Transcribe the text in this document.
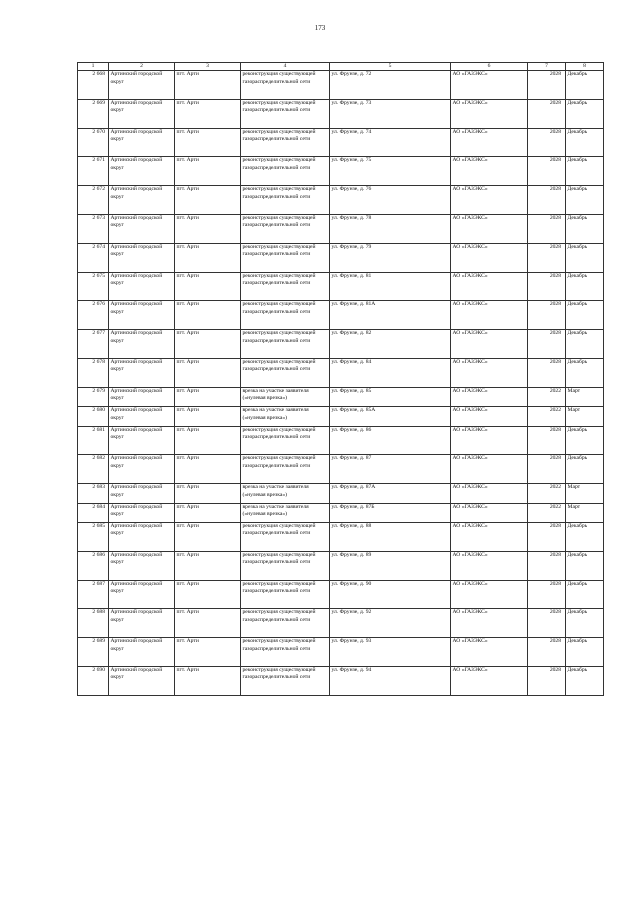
173
1	2	3	4	5	6	7	8
2 668	Артинский городской округ	пгт. Арти	реконструкция существующей газораспределительной сети	ул. Фрунзе, д. 72	АО «ГАЗЭКС»	2028	Декабрь
2 669	Артинский городской округ	пгт. Арти	реконструкция существующей газораспределительной сети	ул. Фрунзе, д. 73	АО «ГАЗЭКС»	2028	Декабрь
2 670	Артинский городской округ	пгт. Арти	реконструкция существующей газораспределительной сети	ул. Фрунзе, д. 74	АО «ГАЗЭКС»	2028	Декабрь
2 671	Артинский городской округ	пгт. Арти	реконструкция существующей газораспределительной сети	ул. Фрунзе, д. 75	АО «ГАЗЭКС»	2028	Декабрь
2 672	Артинский городской округ	пгт. Арти	реконструкция существующей газораспределительной сети	ул. Фрунзе, д. 76	АО «ГАЗЭКС»	2028	Декабрь
2 673	Артинский городской округ	пгт. Арти	реконструкция существующей газораспределительной сети	ул. Фрунзе, д. 78	АО «ГАЗЭКС»	2028	Декабрь
2 674	Артинский городской округ	пгт. Арти	реконструкция существующей газораспределительной сети	ул. Фрунзе, д. 79	АО «ГАЗЭКС»	2028	Декабрь
2 675	Артинский городской округ	пгт. Арти	реконструкция существующей газораспределительной сети	ул. Фрунзе, д. 81	АО «ГАЗЭКС»	2028	Декабрь
2 676	Артинский городской округ	пгт. Арти	реконструкция существующей газораспределительной сети	ул. Фрунзе, д. 81А	АО «ГАЗЭКС»	2028	Декабрь
2 677	Артинский городской округ	пгт. Арти	реконструкция существующей газораспределительной сети	ул. Фрунзе, д. 82	АО «ГАЗЭКС»	2028	Декабрь
2 678	Артинский городской округ	пгт. Арти	реконструкция существующей газораспределительной сети	ул. Фрунзе, д. 84	АО «ГАЗЭКС»	2028	Декабрь
2 679	Артинский городской округ	пгт. Арти	врезка на участке заявителя («нулевая врезка»)	ул. Фрунзе, д. 85	АО «ГАЗЭКС»	2022	Март
2 680	Артинский городской округ	пгт. Арти	врезка на участке заявителя («нулевая врезка»)	ул. Фрунзе, д. 85А	АО «ГАЗЭКС»	2022	Март
2 681	Артинский городской округ	пгт. Арти	реконструкция существующей газораспределительной сети	ул. Фрунзе, д. 86	АО «ГАЗЭКС»	2028	Декабрь
2 682	Артинский городской округ	пгт. Арти	реконструкция существующей газораспределительной сети	ул. Фрунзе, д. 87	АО «ГАЗЭКС»	2028	Декабрь
2 683	Артинский городской округ	пгт. Арти	врезка на участке заявителя («нулевая врезка»)	ул. Фрунзе, д. 87А	АО «ГАЗЭКС»	2022	Март
2 684	Артинский городской округ	пгт. Арти	врезка на участке заявителя («нулевая врезка»)	ул. Фрунзе, д. 87Б	АО «ГАЗЭКС»	2022	Март
2 685	Артинский городской округ	пгт. Арти	реконструкция существующей газораспределительной сети	ул. Фрунзе, д. 88	АО «ГАЗЭКС»	2028	Декабрь
2 686	Артинский городской округ	пгт. Арти	реконструкция существующей газораспределительной сети	ул. Фрунзе, д. 89	АО «ГАЗЭКС»	2028	Декабрь
2 687	Артинский городской округ	пгт. Арти	реконструкция существующей газораспределительной сети	ул. Фрунзе, д. 90	АО «ГАЗЭКС»	2028	Декабрь
2 688	Артинский городской округ	пгт. Арти	реконструкция существующей газораспределительной сети	ул. Фрунзе, д. 92	АО «ГАЗЭКС»	2028	Декабрь
2 689	Артинский городской округ	пгт. Арти	реконструкция существующей газораспределительной сети	ул. Фрунзе, д. 93	АО «ГАЗЭКС»	2028	Декабрь
2 690	Артинский городской округ	пгт. Арти	реконструкция существующей газораспределительной сети	ул. Фрунзе, д. 94	АО «ГАЗЭКС»	2028	Декабрь
